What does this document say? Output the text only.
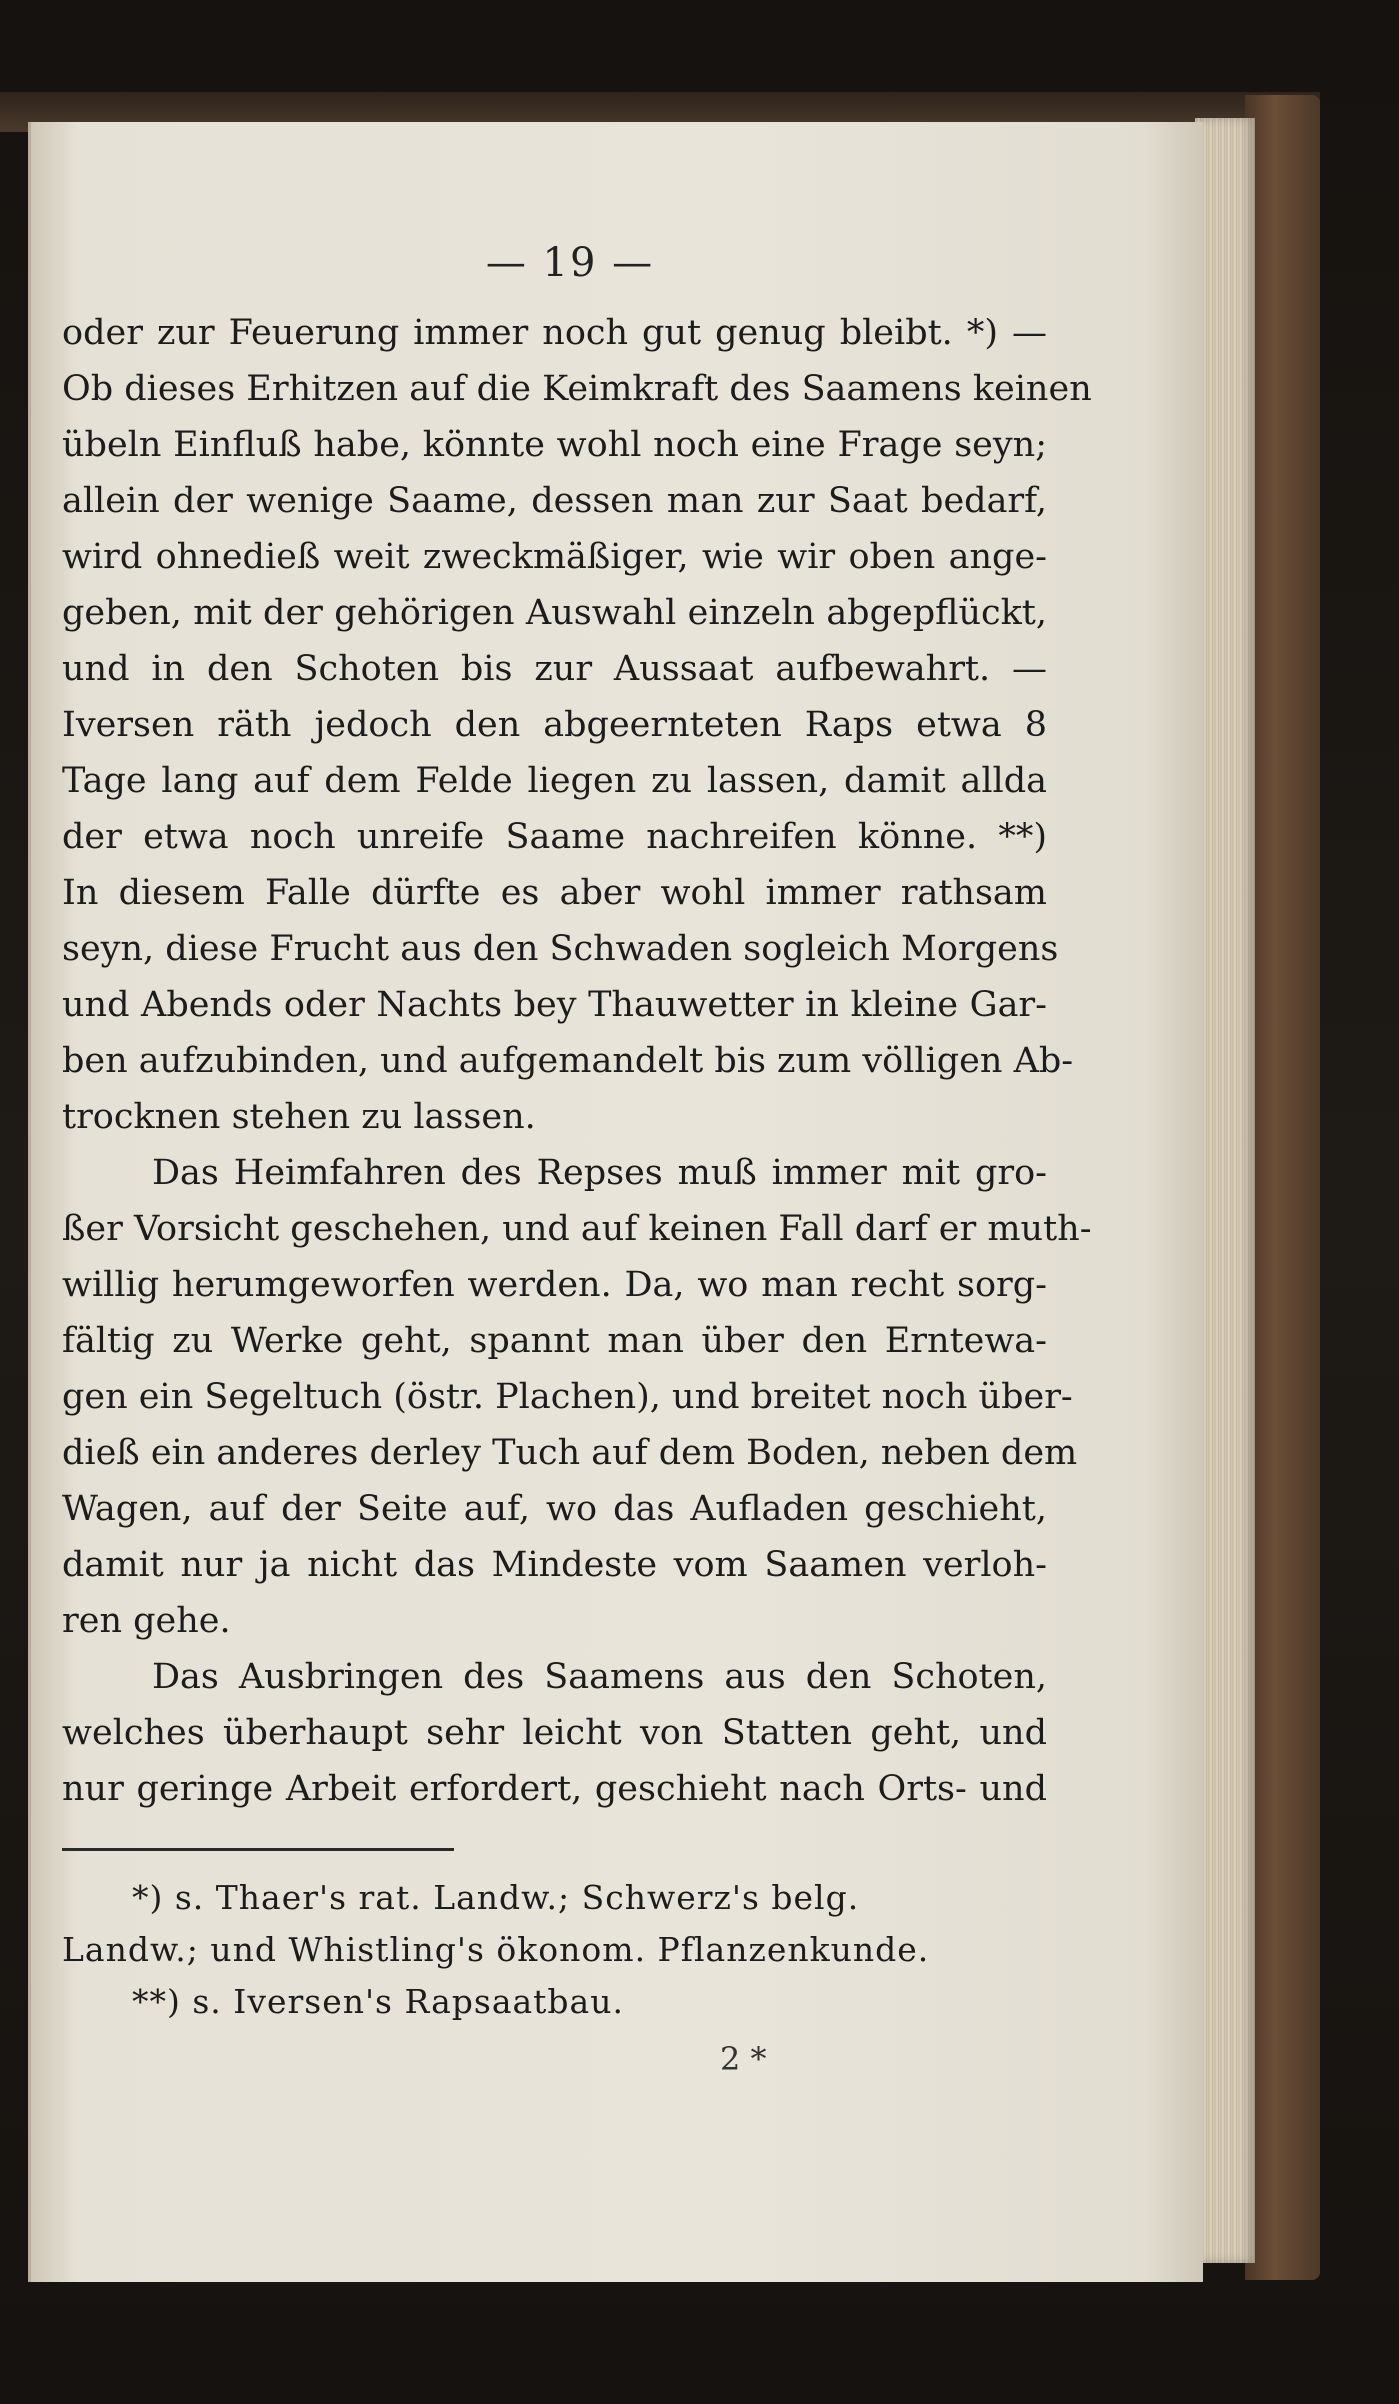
— 19 —
oder zur Feuerung immer noch gut genug bleibt. *) —
Ob dieses Erhitzen auf die Keimkraft des Saamens keinen
übeln Einfluß habe, könnte wohl noch eine Frage seyn;
allein der wenige Saame, dessen man zur Saat bedarf,
wird ohnedieß weit zweckmäßiger, wie wir oben ange-
geben, mit der gehörigen Auswahl einzeln abgepflückt,
und in den Schoten bis zur Aussaat aufbewahrt. —
Iversen räth jedoch den abgeernteten Raps etwa 8
Tage lang auf dem Felde liegen zu lassen, damit allda
der etwa noch unreife Saame nachreifen könne. **)
In diesem Falle dürfte es aber wohl immer rathsam
seyn, diese Frucht aus den Schwaden sogleich Morgens
und Abends oder Nachts bey Thauwetter in kleine Gar-
ben aufzubinden, und aufgemandelt bis zum völligen Ab-
trocknen stehen zu lassen.
Das Heimfahren des Repses muß immer mit gro-
ßer Vorsicht geschehen, und auf keinen Fall darf er muth-
willig herumgeworfen werden. Da, wo man recht sorg-
fältig zu Werke geht, spannt man über den Erntewa-
gen ein Segeltuch (östr. Plachen), und breitet noch über-
dieß ein anderes derley Tuch auf dem Boden, neben dem
Wagen, auf der Seite auf, wo das Aufladen geschieht,
damit nur ja nicht das Mindeste vom Saamen verloh-
ren gehe.
Das Ausbringen des Saamens aus den Schoten,
welches überhaupt sehr leicht von Statten geht, und
nur geringe Arbeit erfordert, geschieht nach Orts- und
*) s. Thaer's rat. Landw.; Schwerz's belg.
Landw.; und Whistling's ökonom. Pflanzenkunde.
**) s. Iversen's Rapsaatbau.
2 *
